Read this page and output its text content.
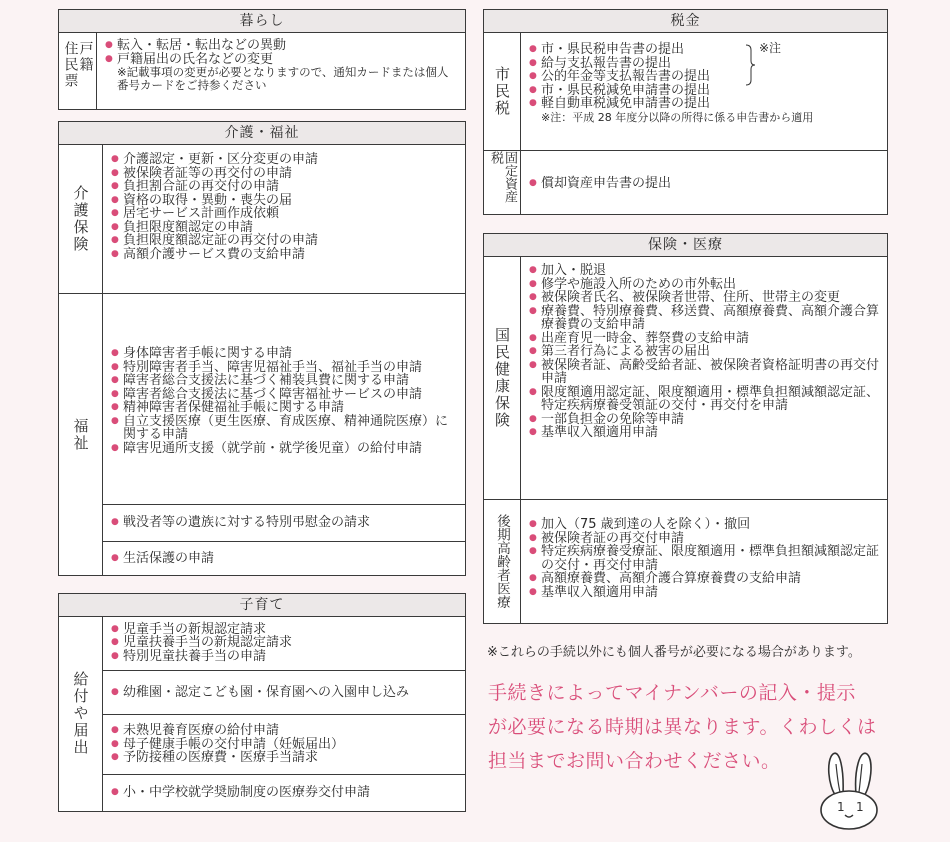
暮らし
戸籍 住民票	● 転入・転居・転出などの異動
● 戸籍届出の氏名などの変更
※記載事項の変更が必要となりますので、通知カードまたは個人番号カードをご持参ください
介護・福祉
介護保険
● 介護認定・更新・区分変更の申請
● 被保険者証等の再交付の申請
● 負担割合証の再交付の申請
● 資格の取得・異動・喪失の届
● 居宅サービス計画作成依頼
● 負担限度額認定の申請
● 負担限度額認定証の再交付の申請
● 高額介護サービス費の支給申請
福祉
● 身体障害者手帳に関する申請
● 特別障害者手当、障害児福祉手当、福祉手当の申請
● 障害者総合支援法に基づく補装具費に関する申請
● 障害者総合支援法に基づく障害福祉サービスの申請
● 精神障害者保健福祉手帳に関する申請
● 自立支援医療（更生医療、育成医療、精神通院医療）に関する申請
● 障害児通所支援（就学前・就学後児童）の給付申請
● 戦没者等の遺族に対する特別弔慰金の請求
● 生活保護の申請
子育て
給付や届出
● 児童手当の新規認定請求
● 児童扶養手当の新規認定請求
● 特別児童扶養手当の申請
● 幼稚園・認定こども園・保育園への入園申し込み
● 未熟児養育医療の給付申請
● 母子健康手帳の交付申請（妊娠届出）
● 予防接種の医療費・医療手当請求
● 小・中学校就学奨励制度の医療券交付申請
税金
市民税
● 市・県民税申告書の提出
● 給与支払報告書の提出
● 公的年金等支払報告書の提出
● 市・県民税減免申請書の提出
● 軽自動車税減免申請書の提出
※注：平成 28 年度分以降の所得に係る申告書から適用
※注
固定資産税
● 償却資産申告書の提出
保険・医療
国民健康保険
● 加入・脱退
● 修学や施設入所のための市外転出
● 被保険者氏名、被保険者世帯、住所、世帯主の変更
● 療養費、特別療養費、移送費、高額療養費、高額介護合算療養費の支給申請
● 出産育児一時金、葬祭費の支給申請
● 第三者行為による被害の届出
● 被保険者証、高齢受給者証、被保険者資格証明書の再交付申請
● 限度額適用認定証、限度額適用・標準負担額減額認定証、特定疾病療養受領証の交付・再交付を申請
● 一部負担金の免除等申請
● 基準収入額適用申請
後期高齢者医療	● 加入（75 歳到達の人を除く）・撤回
● 被保険者証の再交付申請
● 特定疾病療養受療証、限度額適用・標準負担額減額認定証の交付・再交付申請
● 高額療養費、高額介護合算療養費の支給申請
● 基準収入額適用申請
※これらの手続以外にも個人番号が必要になる場合があります。
手続きによってマイナンバーの記入・提示
が必要になる時期は異なります。くわしくは
担当までお問い合わせください。
1 1
